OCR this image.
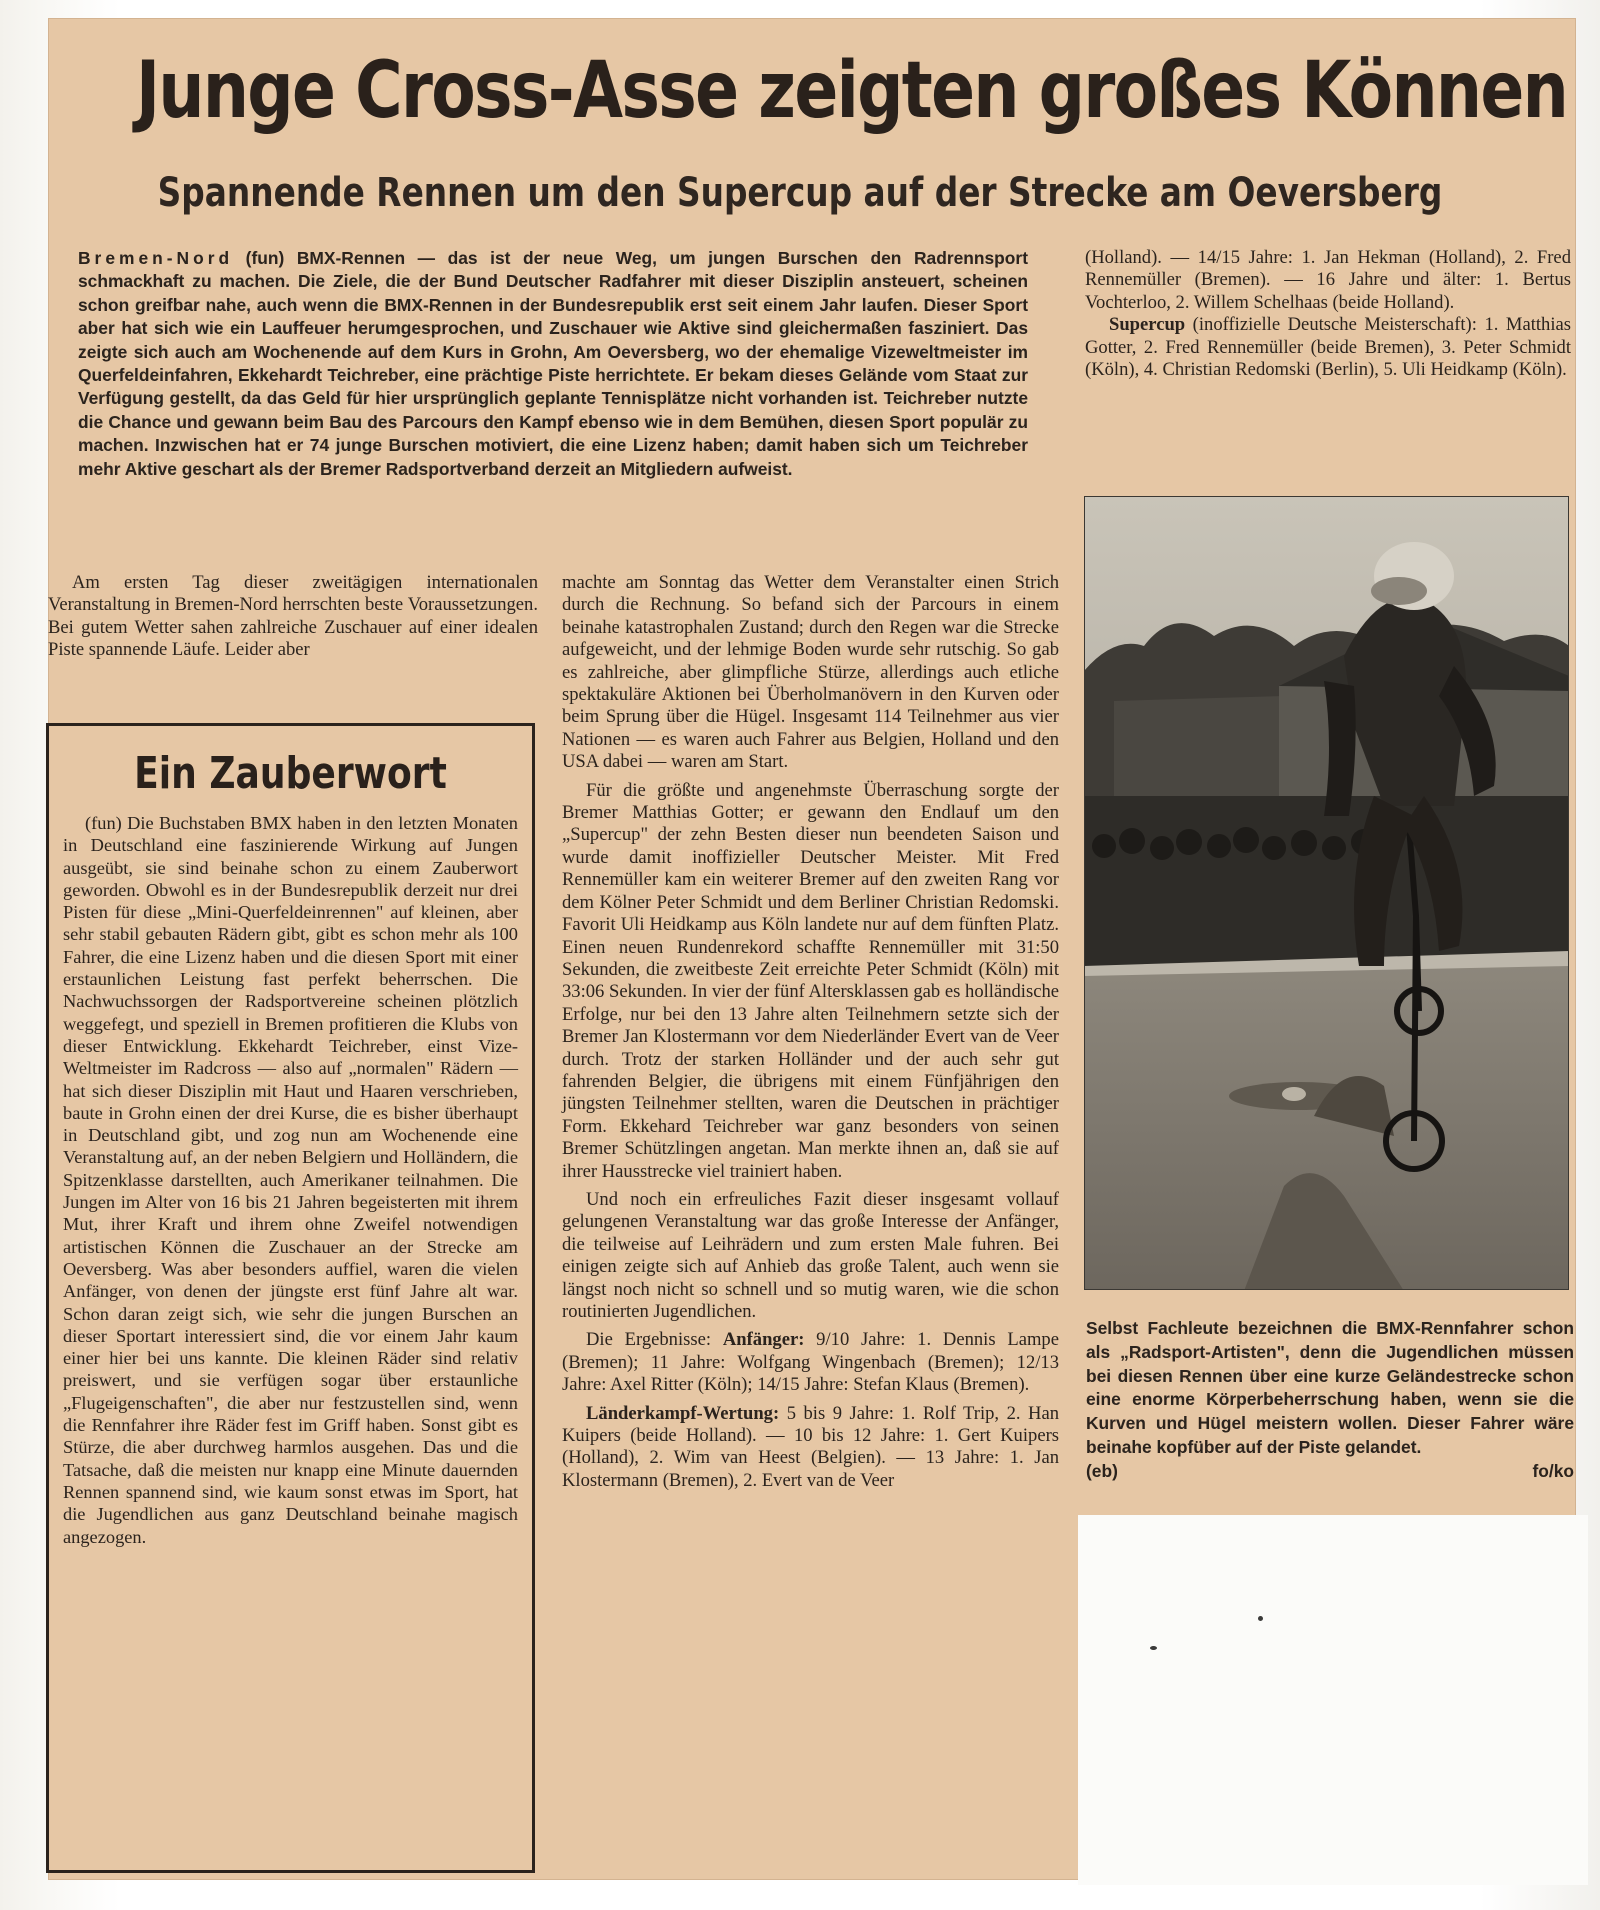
Junge Cross-Asse zeigten großes Können
Spannende Rennen um den Supercup auf der Strecke am Oeversberg
Bremen-Nord (fun) BMX-Rennen — das ist der neue Weg, um jungen Burschen den Radrennsport schmackhaft zu machen. Die Ziele, die der Bund Deutscher Radfahrer mit dieser Disziplin ansteuert, scheinen schon greifbar nahe, auch wenn die BMX-Rennen in der Bundesrepublik erst seit einem Jahr laufen. Dieser Sport aber hat sich wie ein Lauffeuer herumgesprochen, und Zuschauer wie Aktive sind gleichermaßen fasziniert. Das zeigte sich auch am Wochenende auf dem Kurs in Grohn, Am Oeversberg, wo der ehemalige Vizeweltmeister im Querfeldeinfahren, Ekkehardt Teichreber, eine prächtige Piste herrichtete. Er bekam dieses Gelände vom Staat zur Verfügung gestellt, da das Geld für hier ursprünglich geplante Tennisplätze nicht vorhanden ist. Teichreber nutzte die Chance und gewann beim Bau des Parcours den Kampf ebenso wie in dem Bemühen, diesen Sport populär zu machen. Inzwischen hat er 74 junge Burschen motiviert, die eine Lizenz haben; damit haben sich um Teichreber mehr Aktive geschart als der Bremer Radsportverband derzeit an Mitgliedern aufweist.

Am ersten Tag dieser zweitägigen internationalen Veranstaltung in Bremen-Nord herrschten beste Voraussetzungen. Bei gutem Wetter sahen zahlreiche Zuschauer auf einer idealen Piste spannende Läufe. Leider aber

Ein Zauberwort

(fun) Die Buchstaben BMX haben in den letzten Monaten in Deutschland eine faszinierende Wirkung auf Jungen ausgeübt, sie sind beinahe schon zu einem Zauberwort geworden. Obwohl es in der Bundesrepublik derzeit nur drei Pisten für diese „Mini-Querfeldeinrennen" auf kleinen, aber sehr stabil gebauten Rädern gibt, gibt es schon mehr als 100 Fahrer, die eine Lizenz haben und die diesen Sport mit einer erstaunlichen Leistung fast perfekt beherrschen. Die Nachwuchssorgen der Radsportvereine scheinen plötzlich weggefegt, und speziell in Bremen profitieren die Klubs von dieser Entwicklung. Ekkehardt Teichreber, einst Vize-Weltmeister im Radcross — also auf „normalen" Rädern — hat sich dieser Disziplin mit Haut und Haaren verschrieben, baute in Grohn einen der drei Kurse, die es bisher überhaupt in Deutschland gibt, und zog nun am Wochenende eine Veranstaltung auf, an der neben Belgiern und Holländern, die Spitzenklasse darstellten, auch Amerikaner teilnahmen. Die Jungen im Alter von 16 bis 21 Jahren begeisterten mit ihrem Mut, ihrer Kraft und ihrem ohne Zweifel notwendigen artistischen Können die Zuschauer an der Strecke am Oeversberg. Was aber besonders auffiel, waren die vielen Anfänger, von denen der jüngste erst fünf Jahre alt war. Schon daran zeigt sich, wie sehr die jungen Burschen an dieser Sportart interessiert sind, die vor einem Jahr kaum einer hier bei uns kannte. Die kleinen Räder sind relativ preiswert, und sie verfügen sogar über erstaunliche „Flugeigenschaften", die aber nur festzustellen sind, wenn die Rennfahrer ihre Räder fest im Griff haben. Sonst gibt es Stürze, die aber durchweg harmlos ausgehen. Das und die Tatsache, daß die meisten nur knapp eine Minute dauernden Rennen spannend sind, wie kaum sonst etwas im Sport, hat die Jugendlichen aus ganz Deutschland beinahe magisch angezogen.

machte am Sonntag das Wetter dem Veranstalter einen Strich durch die Rechnung. So befand sich der Parcours in einem beinahe katastrophalen Zustand; durch den Regen war die Strecke aufgeweicht, und der lehmige Boden wurde sehr rutschig. So gab es zahlreiche, aber glimpfliche Stürze, allerdings auch etliche spektakuläre Aktionen bei Überholmanövern in den Kurven oder beim Sprung über die Hügel. Insgesamt 114 Teilnehmer aus vier Nationen — es waren auch Fahrer aus Belgien, Holland und den USA dabei — waren am Start.

Für die größte und angenehmste Überraschung sorgte der Bremer Matthias Gotter; er gewann den Endlauf um den „Supercup" der zehn Besten dieser nun beendeten Saison und wurde damit inoffizieller Deutscher Meister. Mit Fred Rennemüller kam ein weiterer Bremer auf den zweiten Rang vor dem Kölner Peter Schmidt und dem Berliner Christian Redomski. Favorit Uli Heidkamp aus Köln landete nur auf dem fünften Platz. Einen neuen Rundenrekord schaffte Rennemüller mit 31:50 Sekunden, die zweitbeste Zeit erreichte Peter Schmidt (Köln) mit 33:06 Sekunden. In vier der fünf Altersklassen gab es holländische Erfolge, nur bei den 13 Jahre alten Teilnehmern setzte sich der Bremer Jan Klostermann vor dem Niederländer Evert van de Veer durch. Trotz der starken Holländer und der auch sehr gut fahrenden Belgier, die übrigens mit einem Fünfjährigen den jüngsten Teilnehmer stellten, waren die Deutschen in prächtiger Form. Ekkehard Teichreber war ganz besonders von seinen Bremer Schützlingen angetan. Man merkte ihnen an, daß sie auf ihrer Hausstrecke viel trainiert haben.

Und noch ein erfreuliches Fazit dieser insgesamt vollauf gelungenen Veranstaltung war das große Interesse der Anfänger, die teilweise auf Leihrädern und zum ersten Male fuhren. Bei einigen zeigte sich auf Anhieb das große Talent, auch wenn sie längst noch nicht so schnell und so mutig waren, wie die schon routinierten Jugendlichen.

Die Ergebnisse: Anfänger: 9/10 Jahre: 1. Dennis Lampe (Bremen); 11 Jahre: Wolfgang Wingenbach (Bremen); 12/13 Jahre: Axel Ritter (Köln); 14/15 Jahre: Stefan Klaus (Bremen).

Länderkampf-Wertung: 5 bis 9 Jahre: 1. Rolf Trip, 2. Han Kuipers (beide Holland). — 10 bis 12 Jahre: 1. Gert Kuipers (Holland), 2. Wim van Heest (Belgien). — 13 Jahre: 1. Jan Klostermann (Bremen), 2. Evert van de Veer

(Holland). — 14/15 Jahre: 1. Jan Hekman (Holland), 2. Fred Rennemüller (Bremen). — 16 Jahre und älter: 1. Bertus Vochterloo, 2. Willem Schelhaas (beide Holland).

Supercup (inoffizielle Deutsche Meisterschaft): 1. Matthias Gotter, 2. Fred Rennemüller (beide Bremen), 3. Peter Schmidt (Köln), 4. Christian Redomski (Berlin), 5. Uli Heidkamp (Köln).

Selbst Fachleute bezeichnen die BMX-Rennfahrer schon als „Radsport-Artisten", denn die Jugendlichen müssen bei diesen Rennen über eine kurze Geländestrecke schon eine enorme Körperbeherrschung haben, wenn sie die Kurven und Hügel meistern wollen. Dieser Fahrer wäre beinahe kopfüber auf der Piste gelandet.
(eb)	fo/ko
